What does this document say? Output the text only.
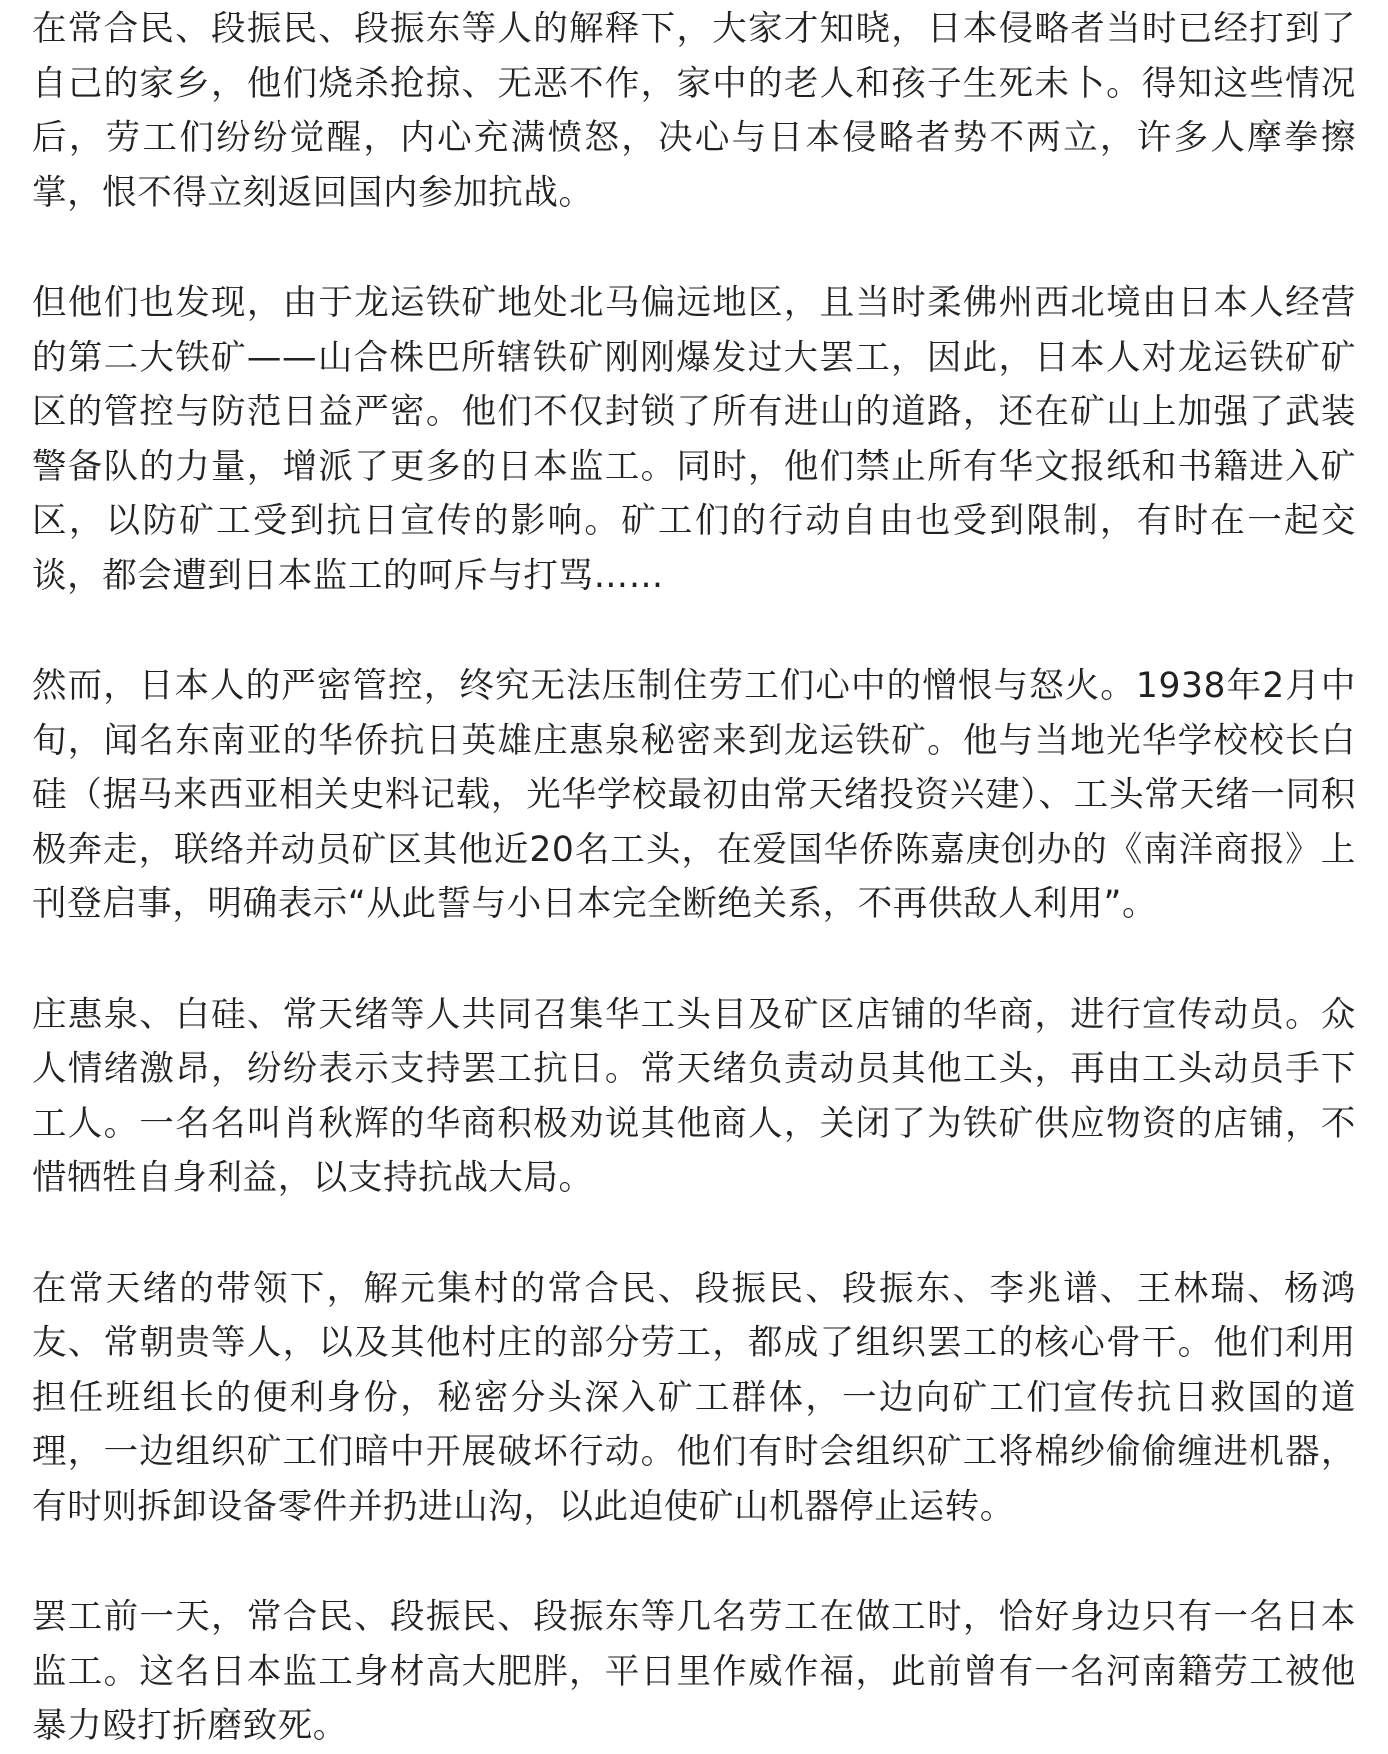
在常合民、段振民、段振东等人的解释下，大家才知晓，日本侵略者当时已经打到了自己的家乡，他们烧杀抢掠、无恶不作，家中的老人和孩子生死未卜。得知这些情况后，劳工们纷纷觉醒，内心充满愤怒，决心与日本侵略者势不两立，许多人摩拳擦掌，恨不得立刻返回国内参加抗战。

但他们也发现，由于龙运铁矿地处北马偏远地区，且当时柔佛州西北境由日本人经营的第二大铁矿——山合株巴所辖铁矿刚刚爆发过大罢工，因此，日本人对龙运铁矿矿区的管控与防范日益严密。他们不仅封锁了所有进山的道路，还在矿山上加强了武装警备队的力量，增派了更多的日本监工。同时，他们禁止所有华文报纸和书籍进入矿区，以防矿工受到抗日宣传的影响。矿工们的行动自由也受到限制，有时在一起交谈，都会遭到日本监工的呵斥与打骂……

然而，日本人的严密管控，终究无法压制住劳工们心中的憎恨与怒火。1938年2月中旬，闻名东南亚的华侨抗日英雄庄惠泉秘密来到龙运铁矿。他与当地光华学校校长白硅（据马来西亚相关史料记载，光华学校最初由常天绪投资兴建）、工头常天绪一同积极奔走，联络并动员矿区其他近20名工头，在爱国华侨陈嘉庚创办的《南洋商报》上刊登启事，明确表示“从此誓与小日本完全断绝关系，不再供敌人利用”。

庄惠泉、白硅、常天绪等人共同召集华工头目及矿区店铺的华商，进行宣传动员。众人情绪激昂，纷纷表示支持罢工抗日。常天绪负责动员其他工头，再由工头动员手下工人。一名名叫肖秋辉的华商积极劝说其他商人，关闭了为铁矿供应物资的店铺，不惜牺牲自身利益，以支持抗战大局。

在常天绪的带领下，解元集村的常合民、段振民、段振东、李兆谱、王林瑞、杨鸿友、常朝贵等人，以及其他村庄的部分劳工，都成了组织罢工的核心骨干。他们利用担任班组长的便利身份，秘密分头深入矿工群体，一边向矿工们宣传抗日救国的道理，一边组织矿工们暗中开展破坏行动。他们有时会组织矿工将棉纱偷偷缠进机器，有时则拆卸设备零件并扔进山沟，以此迫使矿山机器停止运转。

罢工前一天，常合民、段振民、段振东等几名劳工在做工时，恰好身边只有一名日本监工。这名日本监工身材高大肥胖，平日里作威作福，此前曾有一名河南籍劳工被他暴力殴打折磨致死。
